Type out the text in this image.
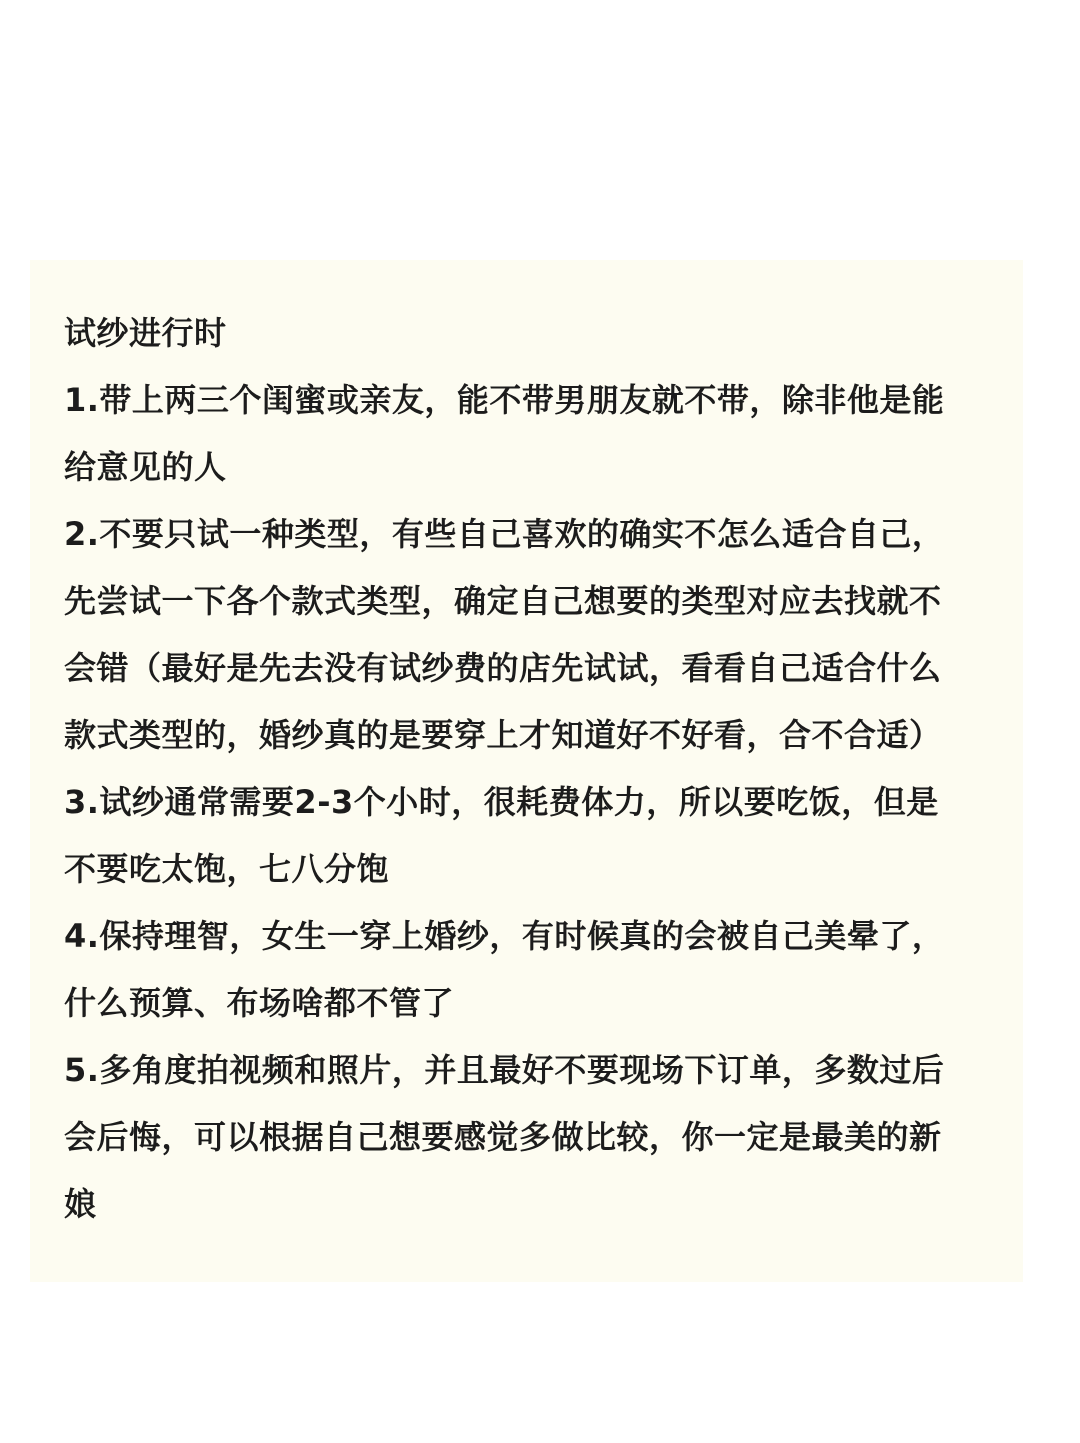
试纱进行时
1.带上两三个闺蜜或亲友，能不带男朋友就不带，除非他是能
给意见的人
2.不要只试一种类型，有些自己喜欢的确实不怎么适合自己，
先尝试一下各个款式类型，确定自己想要的类型对应去找就不
会错（最好是先去没有试纱费的店先试试，看看自己适合什么
款式类型的，婚纱真的是要穿上才知道好不好看，合不合适）
3.试纱通常需要2-3个小时，很耗费体力，所以要吃饭，但是
不要吃太饱，七八分饱
4.保持理智，女生一穿上婚纱，有时候真的会被自己美晕了，
什么预算、布场啥都不管了
5.多角度拍视频和照片，并且最好不要现场下订单，多数过后
会后悔，可以根据自己想要感觉多做比较，你一定是最美的新
娘
